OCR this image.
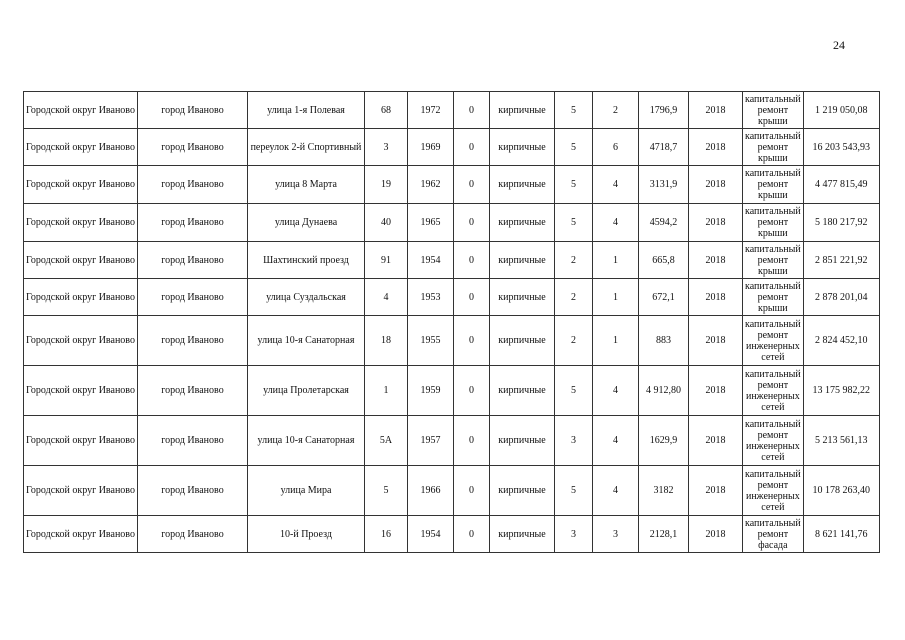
24
Городской округ Иваново	город Иваново	улица 1-я Полевая	68	1972	0	кирпичные	5	2	1796,9	2018	капитальный ремонт крыши	1 219 050,08
Городской округ Иваново	город Иваново	переулок 2-й Спортивный	3	1969	0	кирпичные	5	6	4718,7	2018	капитальный ремонт крыши	16 203 543,93
Городской округ Иваново	город Иваново	улица 8 Марта	19	1962	0	кирпичные	5	4	3131,9	2018	капитальный ремонт крыши	4 477 815,49
Городской округ Иваново	город Иваново	улица Дунаева	40	1965	0	кирпичные	5	4	4594,2	2018	капитальный ремонт крыши	5 180 217,92
Городской округ Иваново	город Иваново	Шахтинский проезд	91	1954	0	кирпичные	2	1	665,8	2018	капитальный ремонт крыши	2 851 221,92
Городской округ Иваново	город Иваново	улица Суздальская	4	1953	0	кирпичные	2	1	672,1	2018	капитальный ремонт крыши	2 878 201,04
Городской округ Иваново	город Иваново	улица 10-я Санаторная	18	1955	0	кирпичные	2	1	883	2018	капитальный ремонт инженерных сетей	2 824 452,10
Городской округ Иваново	город Иваново	улица Пролетарская	1	1959	0	кирпичные	5	4	4 912,80	2018	капитальный ремонт инженерных сетей	13 175 982,22
Городской округ Иваново	город Иваново	улица 10-я Санаторная	5А	1957	0	кирпичные	3	4	1629,9	2018	капитальный ремонт инженерных сетей	5 213 561,13
Городской округ Иваново	город Иваново	улица Мира	5	1966	0	кирпичные	5	4	3182	2018	капитальный ремонт инженерных сетей	10 178 263,40
Городской округ Иваново	город Иваново	10-й Проезд	16	1954	0	кирпичные	3	3	2128,1	2018	капитальный ремонт фасада	8 621 141,76
